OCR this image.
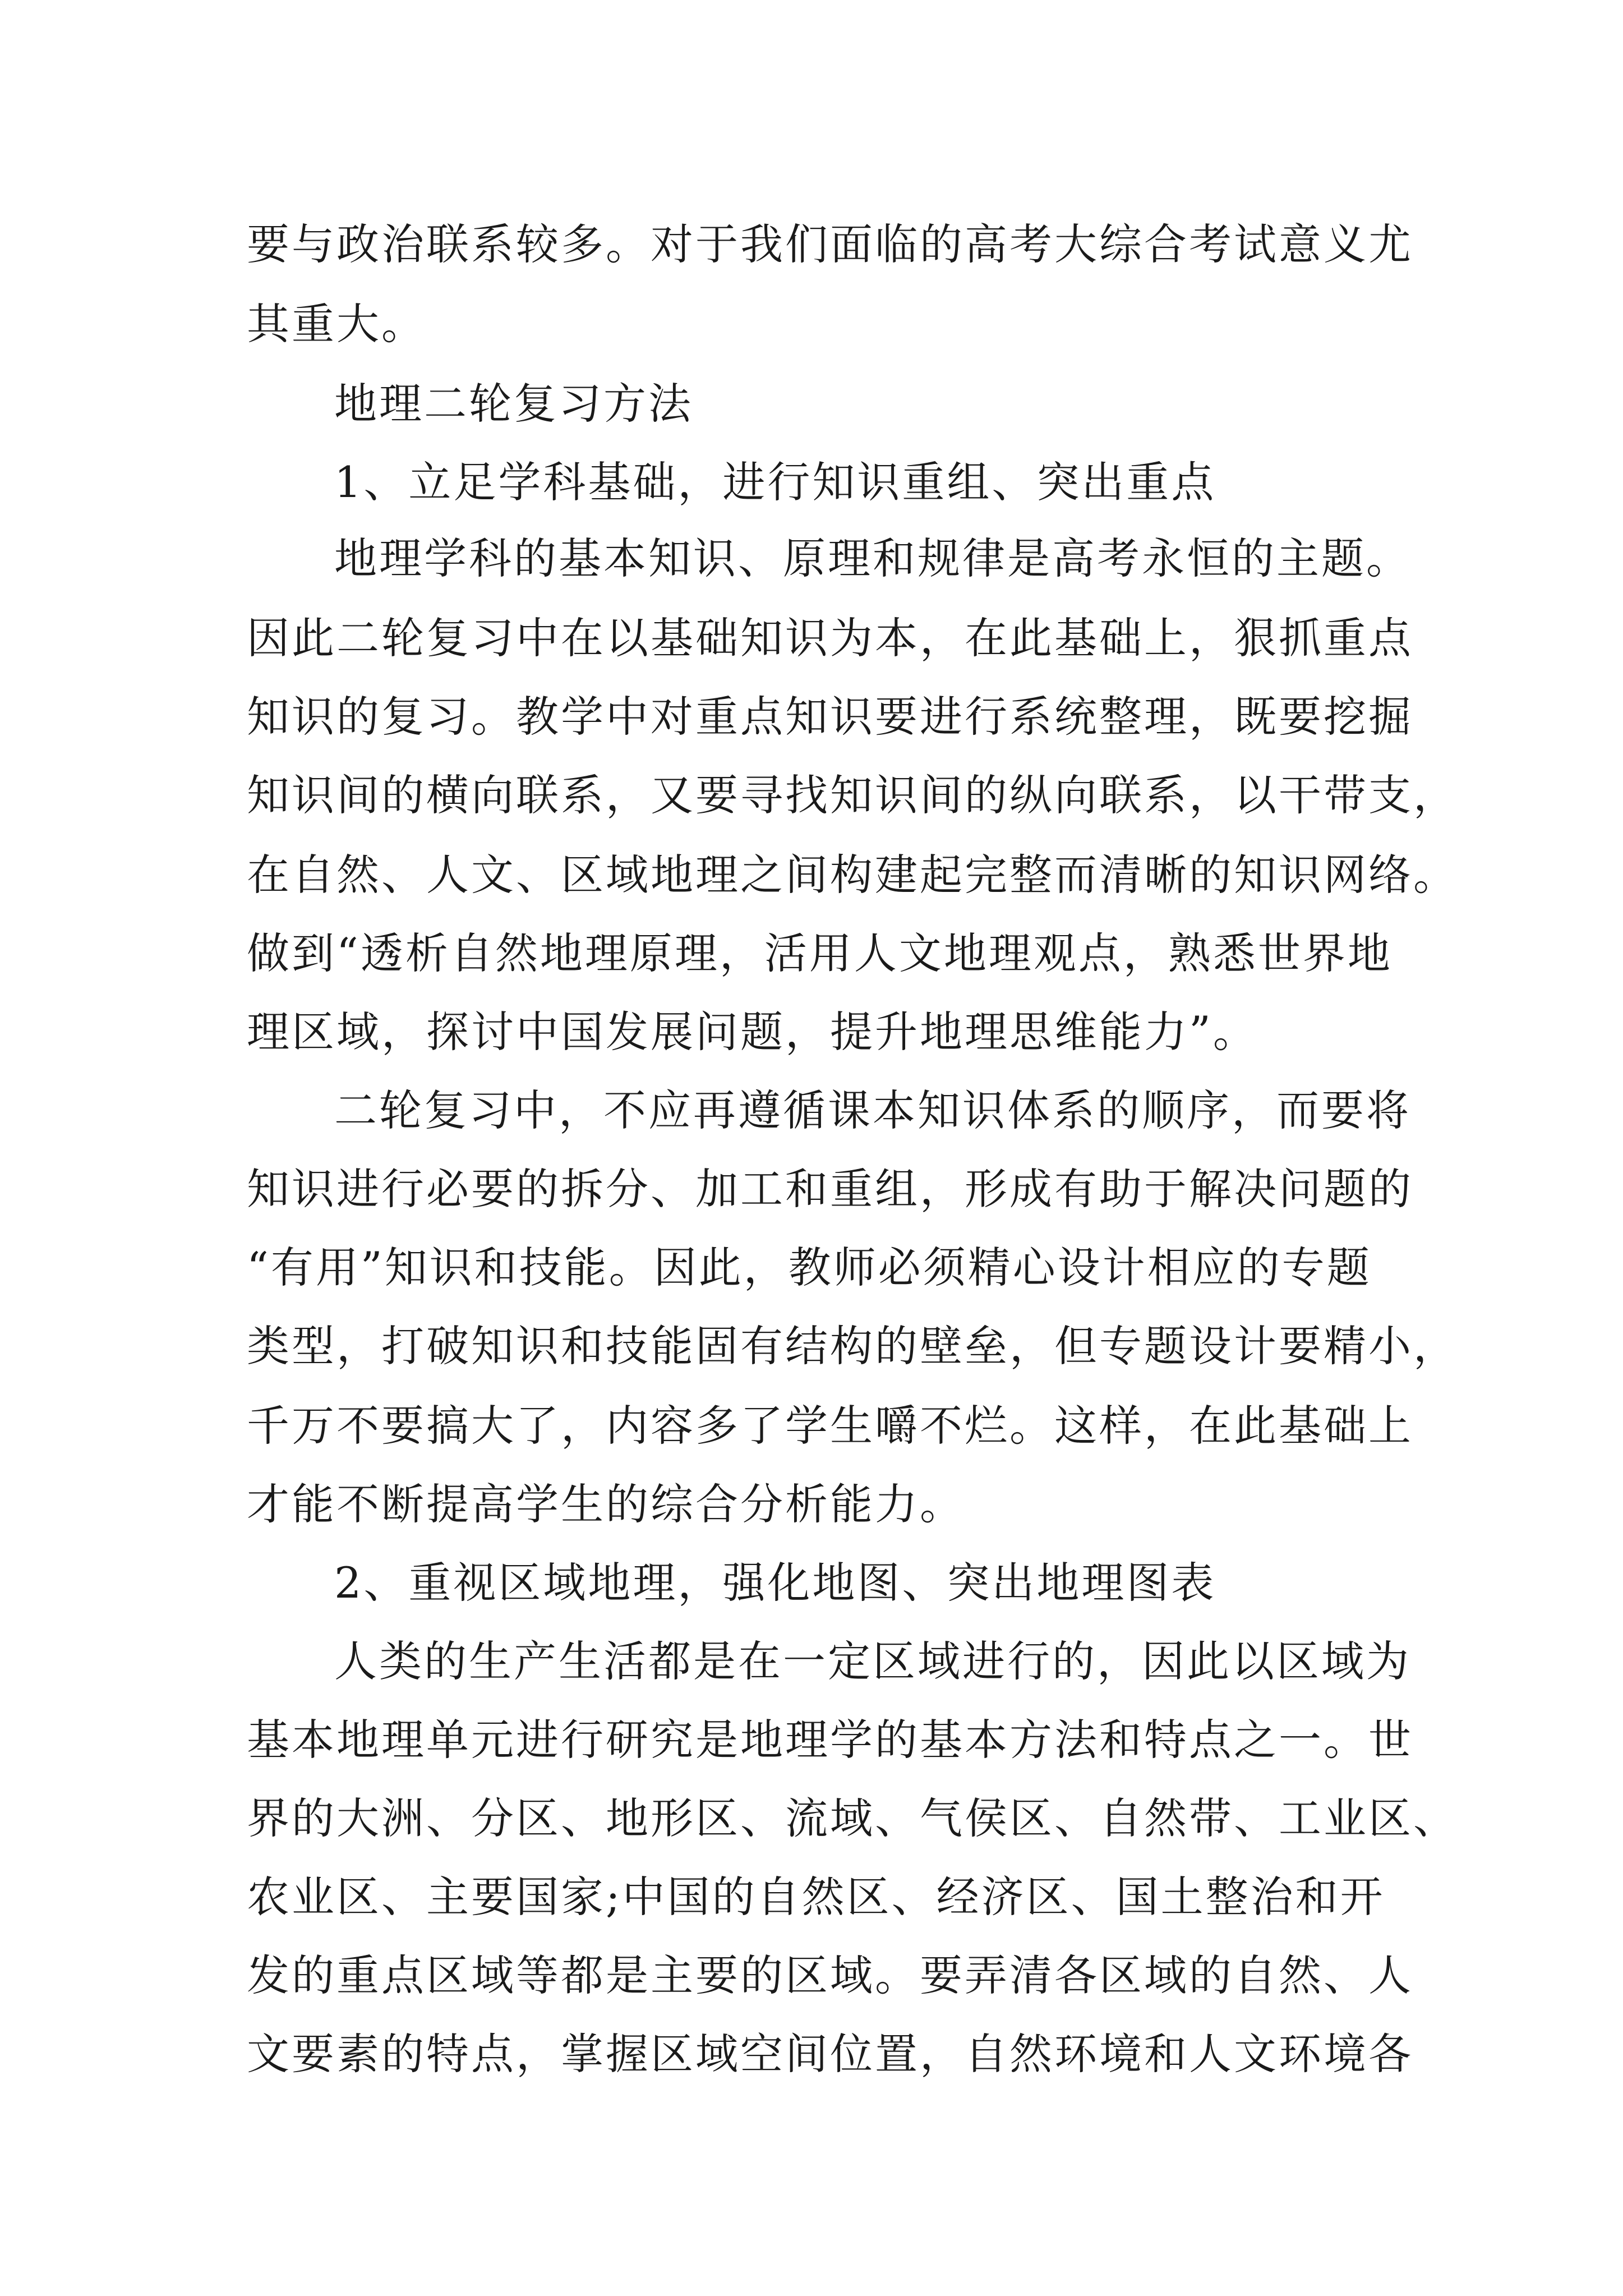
要与政治联系较多。对于我们面临的高考大综合考试意义尤
其重大。
地理二轮复习方法
1、立足学科基础，进行知识重组、突出重点
地理学科的基本知识、原理和规律是高考永恒的主题。
因此二轮复习中在以基础知识为本，在此基础上，狠抓重点
知识的复习。教学中对重点知识要进行系统整理，既要挖掘
知识间的横向联系，又要寻找知识间的纵向联系，以干带支，
在自然、人文、区域地理之间构建起完整而清晰的知识网络。
做到“透析自然地理原理，活用人文地理观点，熟悉世界地
理区域，探讨中国发展问题，提升地理思维能力”。
二轮复习中，不应再遵循课本知识体系的顺序，而要将
知识进行必要的拆分、加工和重组，形成有助于解决问题的
“有用”知识和技能。因此，教师必须精心设计相应的专题
类型，打破知识和技能固有结构的壁垒，但专题设计要精小，
千万不要搞大了，内容多了学生嚼不烂。这样，在此基础上
才能不断提高学生的综合分析能力。
2、重视区域地理，强化地图、突出地理图表
人类的生产生活都是在一定区域进行的，因此以区域为
基本地理单元进行研究是地理学的基本方法和特点之一。世
界的大洲、分区、地形区、流域、气侯区、自然带、工业区、
农业区、主要国家;中国的自然区、经济区、国土整治和开
发的重点区域等都是主要的区域。要弄清各区域的自然、人
文要素的特点，掌握区域空间位置，自然环境和人文环境各
